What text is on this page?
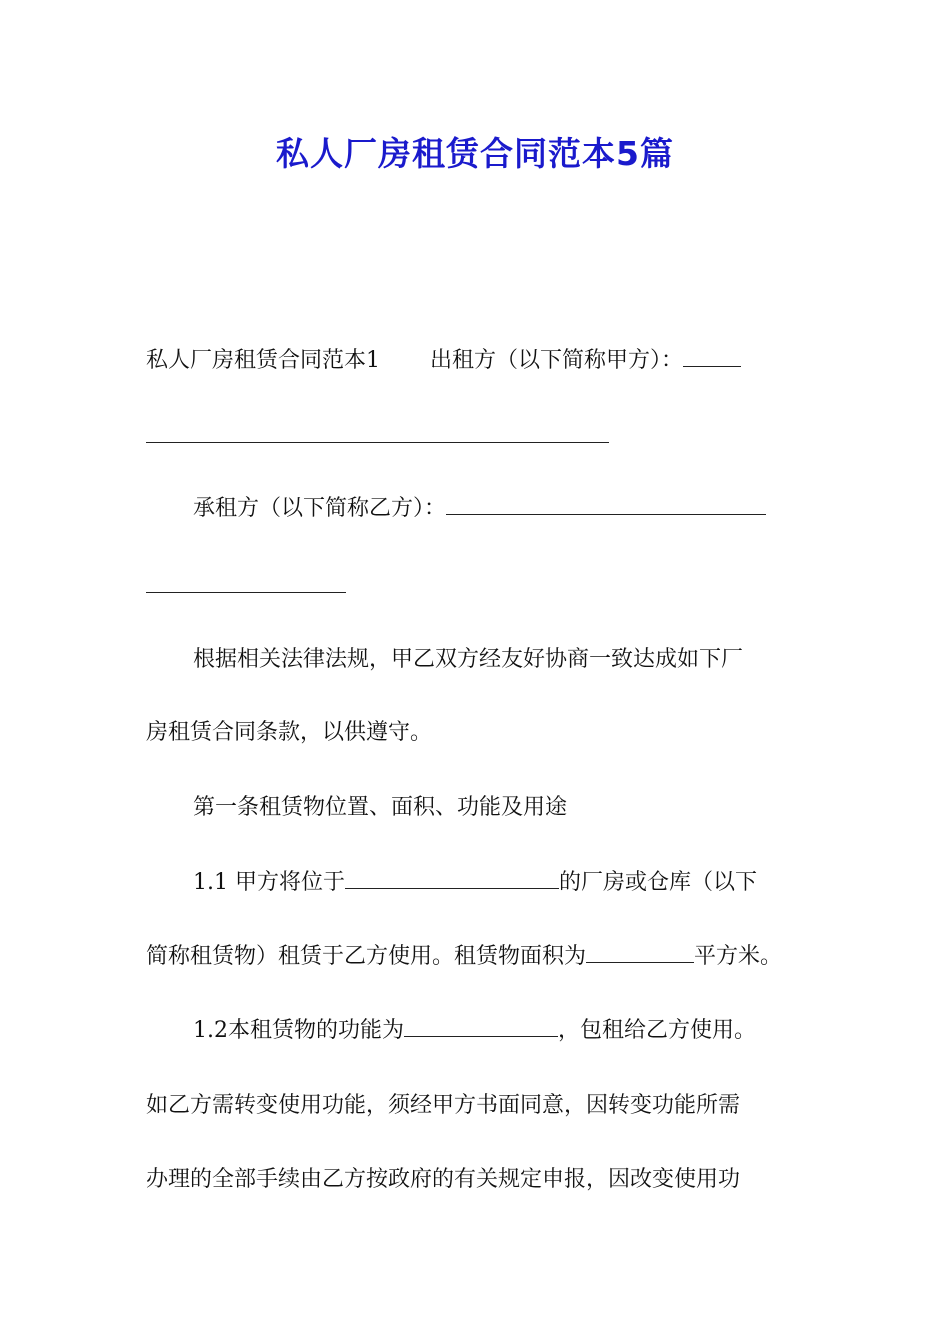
私人厂房租赁合同范本5篇
私人厂房租赁合同范本1 出租方（以下简称甲方）：
承租方（以下简称乙方）：
根据相关法律法规，甲乙双方经友好协商一致达成如下厂
房租赁合同条款，以供遵守。
第一条租赁物位置、面积、功能及用途
1.1 甲方将位于	的厂房或仓库（以下
简称租赁物）租赁于乙方使用。租赁物面积为	平方米。
1.2本租赁物的功能为	，包租给乙方使用。
如乙方需转变使用功能，须经甲方书面同意，因转变功能所需
办理的全部手续由乙方按政府的有关规定申报，因改变使用功
